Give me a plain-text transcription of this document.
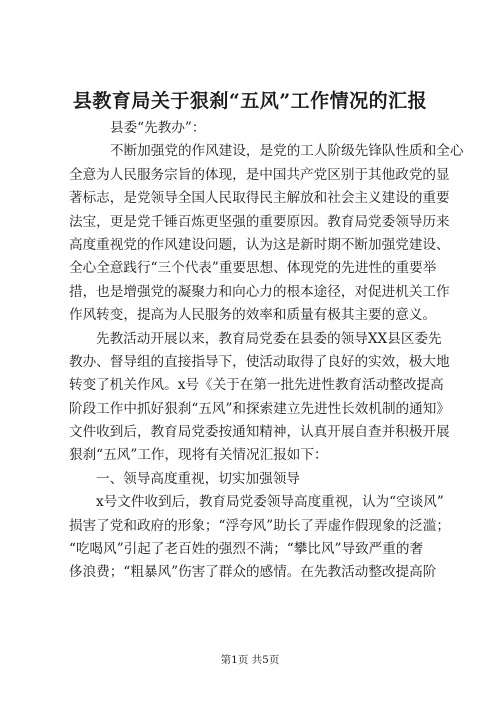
县教育局关于狠刹“五风”工作情况的汇报
县委“先教办”：
不断加强党的作风建设，是党的工人阶级先锋队性质和全心
全意为人民服务宗旨的体现，是中国共产党区别于其他政党的显
著标志，是党领导全国人民取得民主解放和社会主义建设的重要
法宝，更是党千锤百炼更坚强的重要原因。教育局党委领导历来
高度重视党的作风建设问题，认为这是新时期不断加强党建设、
全心全意践行“三个代表”重要思想、体现党的先进性的重要举
措，也是增强党的凝聚力和向心力的根本途径，对促进机关工作
作风转变，提高为人民服务的效率和质量有极其主要的意义。
先教活动开展以来，教育局党委在县委的领导XX县区委先
教办、督导组的直接指导下，使活动取得了良好的实效，极大地
转变了机关作风。x号《关于在第一批先进性教育活动整改提高
阶段工作中抓好狠刹“五风”和探索建立先进性长效机制的通知》
文件收到后，教育局党委按通知精神，认真开展自查并积极开展
狠刹“五风”工作，现将有关情况汇报如下：
一、领导高度重视，切实加强领导
x号文件收到后，教育局党委领导高度重视，认为“空谈风”
损害了党和政府的形象；“浮夸风”助长了弄虚作假现象的泛滥；
“吃喝风”引起了老百姓的强烈不满；“攀比风”导致严重的奢
侈浪费；“粗暴风”伤害了群众的感情。在先教活动整改提高阶
第1页 共5页
